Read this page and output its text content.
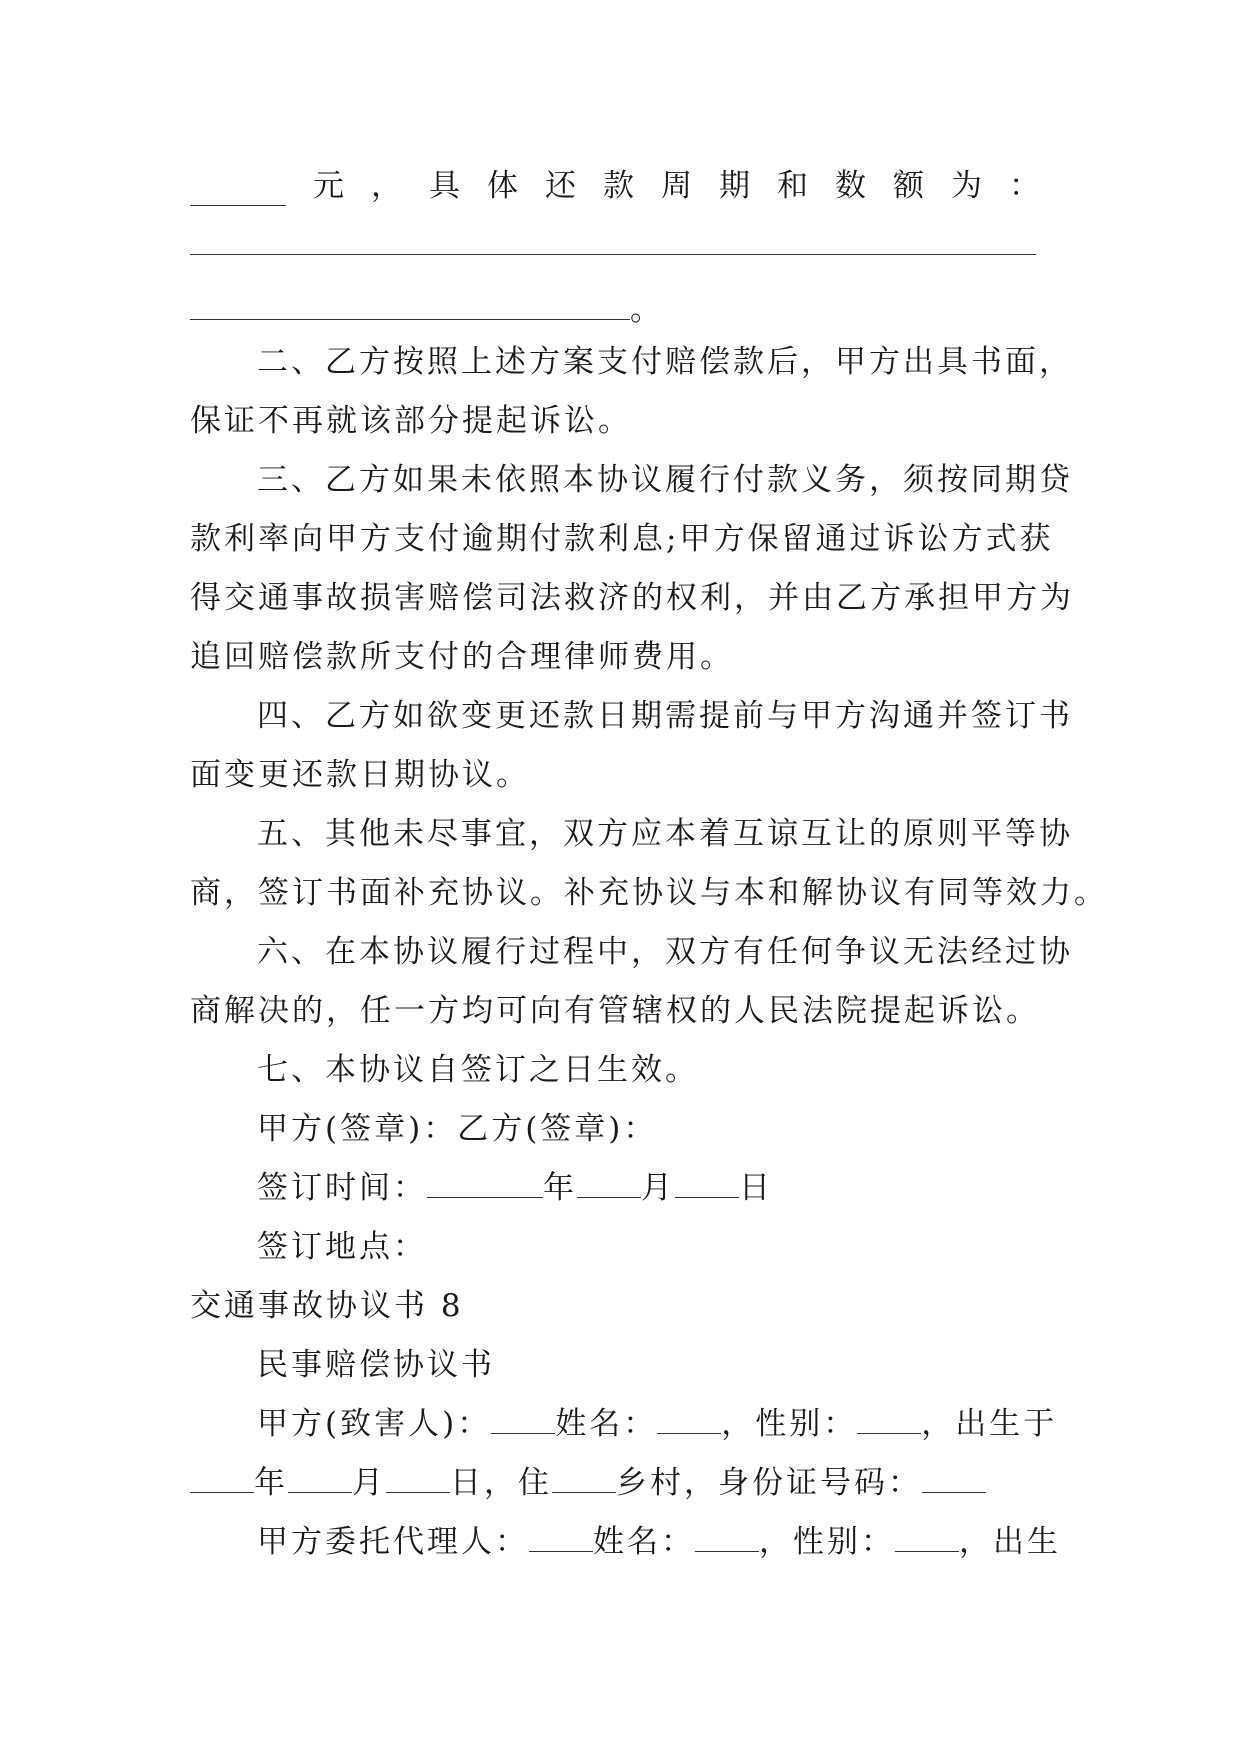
元 ， 具 体 还 款 周 期 和 数 额 为 ：
。
二、乙方按照上述方案支付赔偿款后，甲方出具书面，
保证不再就该部分提起诉讼。
三、乙方如果未依照本协议履行付款义务，须按同期贷
款利率向甲方支付逾期付款利息;甲方保留通过诉讼方式获
得交通事故损害赔偿司法救济的权利，并由乙方承担甲方为
追回赔偿款所支付的合理律师费用。
四、乙方如欲变更还款日期需提前与甲方沟通并签订书
面变更还款日期协议。
五、其他未尽事宜，双方应本着互谅互让的原则平等协
商，签订书面补充协议。补充协议与本和解协议有同等效力。
六、在本协议履行过程中，双方有任何争议无法经过协
商解决的，任一方均可向有管辖权的人民法院提起诉讼。
七、本协议自签订之日生效。
甲方(签章)：乙方(签章)：
签订时间：	年 月 日
签订地点：
交通事故协议书 8
民事赔偿协议书
甲方(致害人)： 姓名： ，性别： ，出生于
年 月 日，住 乡村，身份证号码：
甲方委托代理人： 姓名： ，性别： ，出生
